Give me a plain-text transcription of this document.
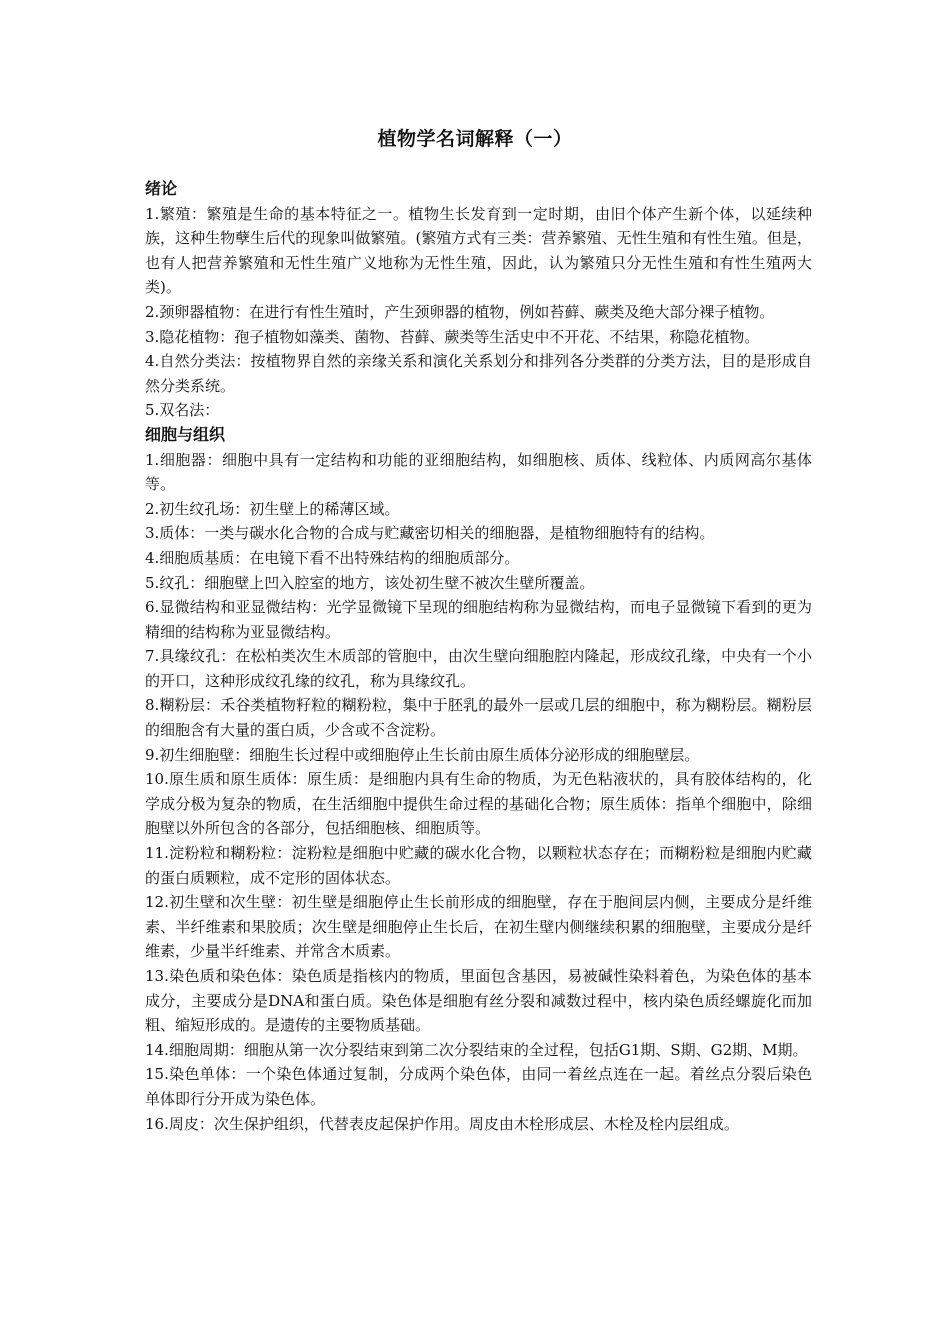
植物学名词解释（一）

绪论

1.繁殖：繁殖是生命的基本特征之一。植物生长发育到一定时期，由旧个体产生新个体，以延续种族，这种生物孽生后代的现象叫做繁殖。(繁殖方式有三类：营养繁殖、无性生殖和有性生殖。但是，也有人把营养繁殖和无性生殖广义地称为无性生殖，因此，认为繁殖只分无性生殖和有性生殖两大类)。

2.颈卵器植物：在进行有性生殖时，产生颈卵器的植物，例如苔藓、蕨类及绝大部分裸子植物。

3.隐花植物：孢子植物如藻类、菌物、苔藓、蕨类等生活史中不开花、不结果，称隐花植物。

4.自然分类法：按植物界自然的亲缘关系和演化关系划分和排列各分类群的分类方法，目的是形成自然分类系统。

5.双名法：

细胞与组织

1.细胞器：细胞中具有一定结构和功能的亚细胞结构，如细胞核、质体、线粒体、内质网高尔基体等。

2.初生纹孔场：初生壁上的稀薄区域。

3.质体：一类与碳水化合物的合成与贮藏密切相关的细胞器，是植物细胞特有的结构。

4.细胞质基质：在电镜下看不出特殊结构的细胞质部分。

5.纹孔：细胞壁上凹入腔室的地方，该处初生壁不被次生壁所覆盖。

6.显微结构和亚显微结构：光学显微镜下呈现的细胞结构称为显微结构，而电子显微镜下看到的更为精细的结构称为亚显微结构。

7.具缘纹孔：在松柏类次生木质部的管胞中，由次生壁向细胞腔内隆起，形成纹孔缘，中央有一个小的开口，这种形成纹孔缘的纹孔，称为具缘纹孔。

8.糊粉层：禾谷类植物籽粒的糊粉粒，集中于胚乳的最外一层或几层的细胞中，称为糊粉层。糊粉层的细胞含有大量的蛋白质，少含或不含淀粉。

9.初生细胞壁：细胞生长过程中或细胞停止生长前由原生质体分泌形成的细胞壁层。

10.原生质和原生质体：原生质：是细胞内具有生命的物质，为无色粘液状的，具有胶体结构的，化学成分极为复杂的物质，在生活细胞中提供生命过程的基础化合物；原生质体：指单个细胞中，除细胞壁以外所包含的各部分，包括细胞核、细胞质等。

11.淀粉粒和糊粉粒：淀粉粒是细胞中贮藏的碳水化合物，以颗粒状态存在；而糊粉粒是细胞内贮藏的蛋白质颗粒，成不定形的固体状态。

12.初生壁和次生壁：初生壁是细胞停止生长前形成的细胞壁，存在于胞间层内侧，主要成分是纤维素、半纤维素和果胶质；次生壁是细胞停止生长后，在初生壁内侧继续积累的细胞壁，主要成分是纤维素，少量半纤维素、并常含木质素。

13.染色质和染色体：染色质是指核内的物质，里面包含基因，易被碱性染料着色，为染色体的基本成分，主要成分是DNA和蛋白质。染色体是细胞有丝分裂和减数过程中，核内染色质经螺旋化而加粗、缩短形成的。是遗传的主要物质基础。

14.细胞周期：细胞从第一次分裂结束到第二次分裂结束的全过程，包括G1期、S期、G2期、M期。

15.染色单体：一个染色体通过复制，分成两个染色体，由同一着丝点连在一起。着丝点分裂后染色单体即行分开成为染色体。

16.周皮：次生保护组织，代替表皮起保护作用。周皮由木栓形成层、木栓及栓内层组成。
